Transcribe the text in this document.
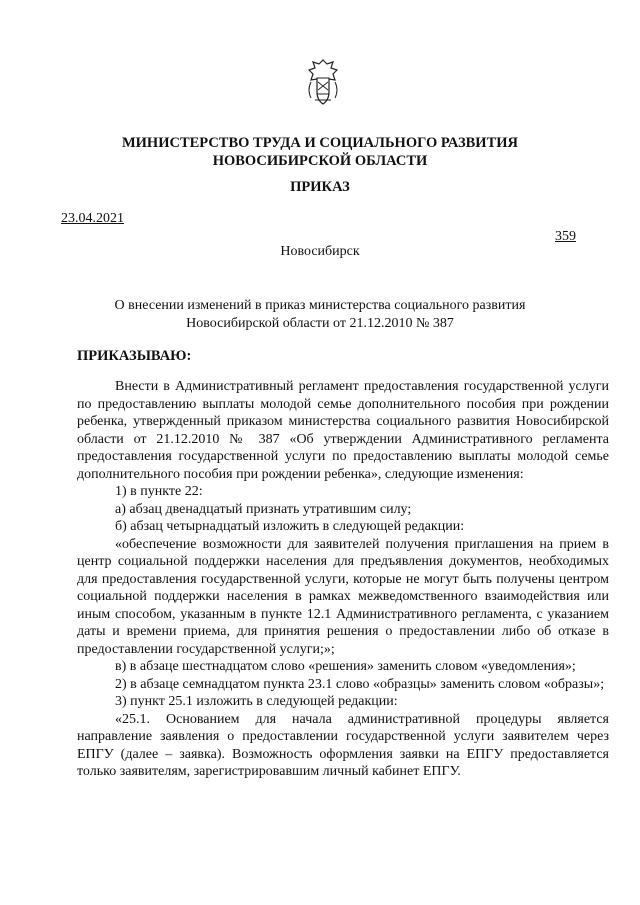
МИНИСТЕРСТВО ТРУДА И СОЦИАЛЬНОГО РАЗВИТИЯ
НОВОСИБИРСКОЙ ОБЛАСТИ
ПРИКАЗ
23.04.2021
359
Новосибирск
О внесении изменений в приказ министерства социального развития
Новосибирской области от 21.12.2010 № 387
ПРИКАЗЫВАЮ:

Внести в Административный регламент предоставления государственной услуги по предоставлению выплаты молодой семье дополнительного пособия при рождении ребенка, утвержденный приказом министерства социального развития Новосибирской области от 21.12.2010 № 387 «Об утверждении Административного регламента предоставления государственной услуги по предоставлению выплаты молодой семье дополнительного пособия при рождении ребенка», следующие изменения:

1) в пункте 22:

а) абзац двенадцатый признать утратившим силу;

б) абзац четырнадцатый изложить в следующей редакции:

«обеспечение возможности для заявителей получения приглашения на прием в центр социальной поддержки населения для предъявления документов, необходимых для предоставления государственной услуги, которые не могут быть получены центром социальной поддержки населения в рамках межведомственного взаимодействия или иным способом, указанным в пункте 12.1 Административного регламента, с указанием даты и времени приема, для принятия решения о предоставлении либо об отказе в предоставлении государственной услуги;»;

в) в абзаце шестнадцатом слово «решения» заменить словом «уведомления»;

2) в абзаце семнадцатом пункта 23.1 слово «образцы» заменить словом «образы»;

3) пункт 25.1 изложить в следующей редакции:

«25.1. Основанием для начала административной процедуры является направление заявления о предоставлении государственной услуги заявителем через ЕПГУ (далее – заявка). Возможность оформления заявки на ЕПГУ предоставляется только заявителям, зарегистрировавшим личный кабинет ЕПГУ.
